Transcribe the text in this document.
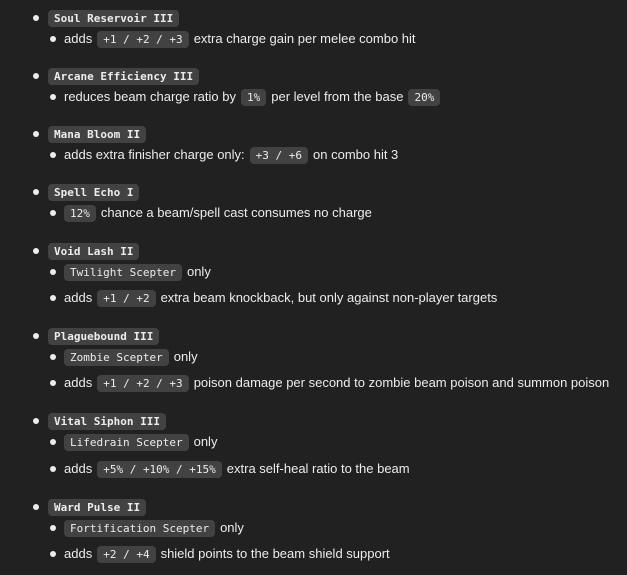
Soul Reservoir III
adds	+1 / +2 / +3 extra charge gain per melee combo hit
Arcane Efficiency III
reduces beam charge ratio by	1% per level from the base	20%
Mana Bloom II
adds extra finisher charge only:	+3 / +6 on combo hit 3
Spell Echo I
12% chance a beam/spell cast consumes no charge
Void Lash II
Twilight Scepter only
adds	+1 / +2 extra beam knockback, but only against non-player targets
Plaguebound III
Zombie Scepter only
adds	+1 / +2 / +3 poison damage per second to zombie beam poison and summon poison
Vital Siphon III
Lifedrain Scepter only
adds	+5% / +10% / +15% extra self-heal ratio to the beam
Ward Pulse II
Fortification Scepter only
adds	+2 / +4 shield points to the beam shield support
